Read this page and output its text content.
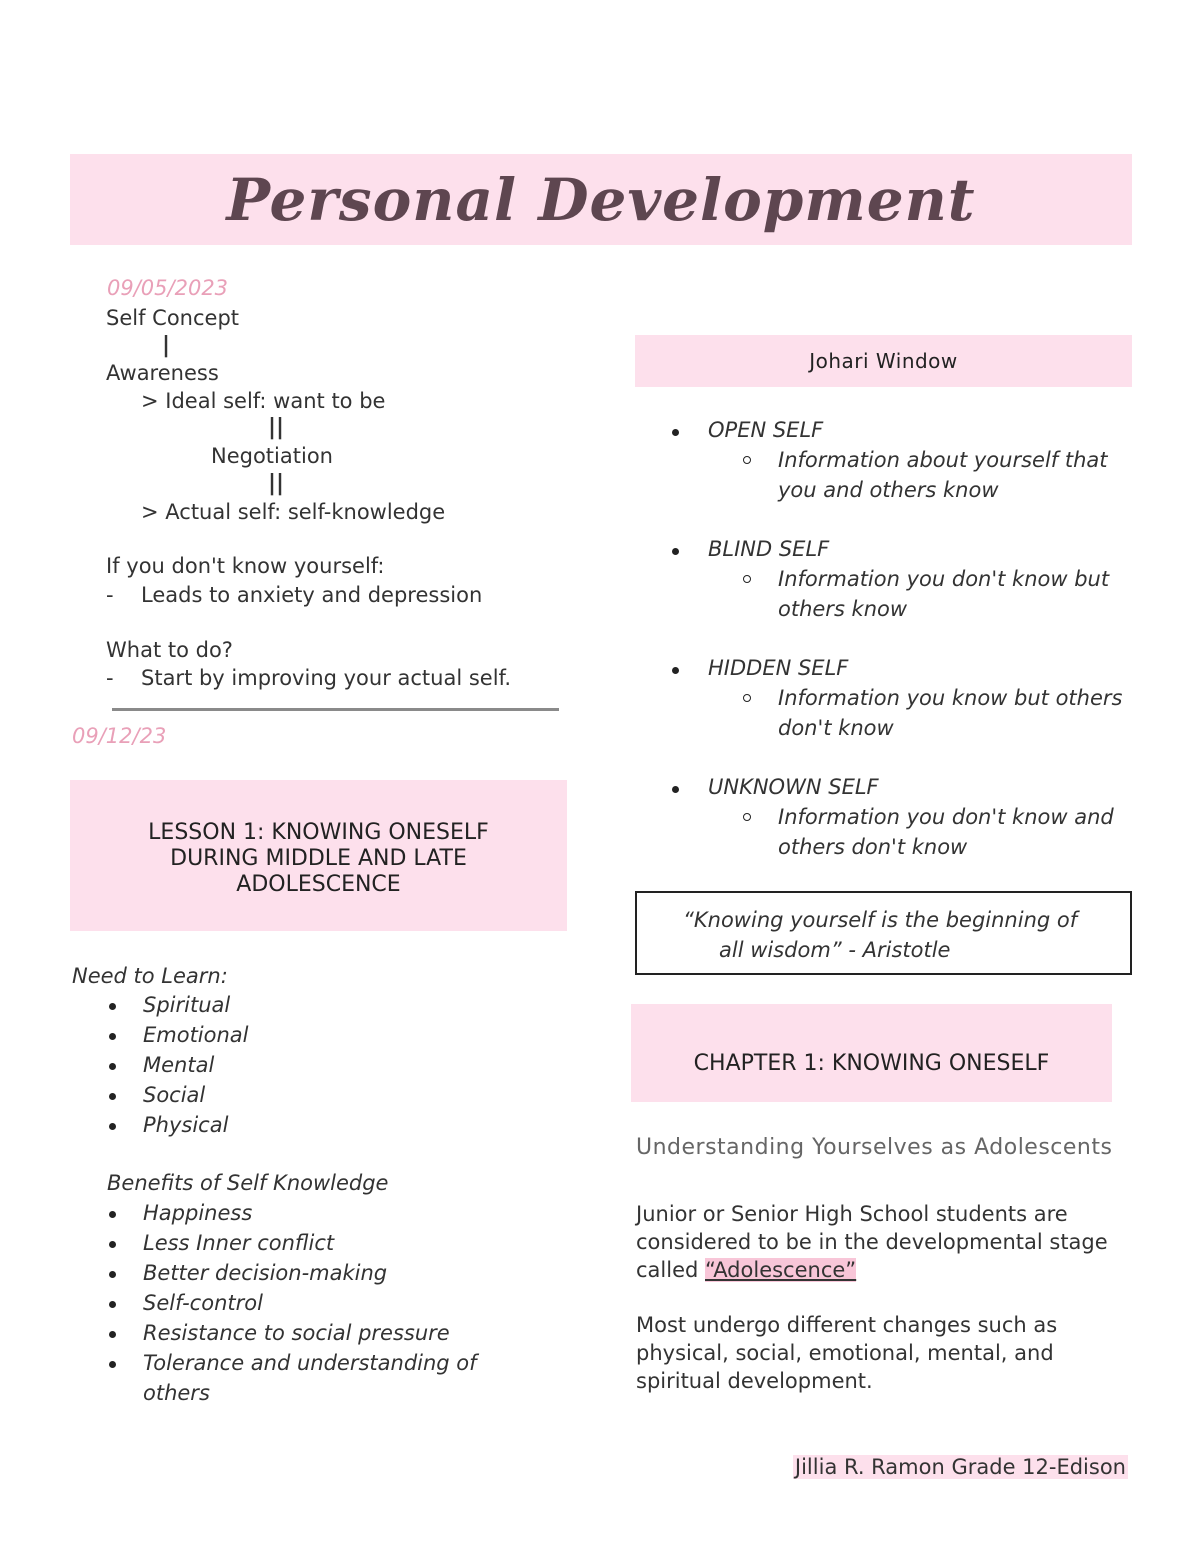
Personal Development
09/05/2023
Self Concept
|
Awareness
> Ideal self: want to be
||
Negotiation
||
> Actual self: self-knowledge
If you don't know yourself:
- Leads to anxiety and depression
What to do?
- Start by improving your actual self.
09/12/23
LESSON 1: KNOWING ONESELF
DURING MIDDLE AND LATE
ADOLESCENCE
Need to Learn:
Spiritual
Emotional
Mental
Social
Physical
Benefits of Self Knowledge
Happiness
Less Inner conflict
Better decision-making
Self-control
Resistance to social pressure
Tolerance and understanding of others
Johari Window
OPEN SELF
Information about yourself that you and others know
BLIND SELF
Information you don't know but others know
HIDDEN SELF
Information you know but others don't know
UNKNOWN SELF
Information you don't know and others don't know
“Knowing yourself is the beginning of
all wisdom” - Aristotle
CHAPTER 1: KNOWING ONESELF
Understanding Yourselves as Adolescents
Junior or Senior High School students are considered to be in the developmental stage called “Adolescence”
Most undergo different changes such as physical, social, emotional, mental, and spiritual development.
Jillia R. Ramon Grade 12-Edison
